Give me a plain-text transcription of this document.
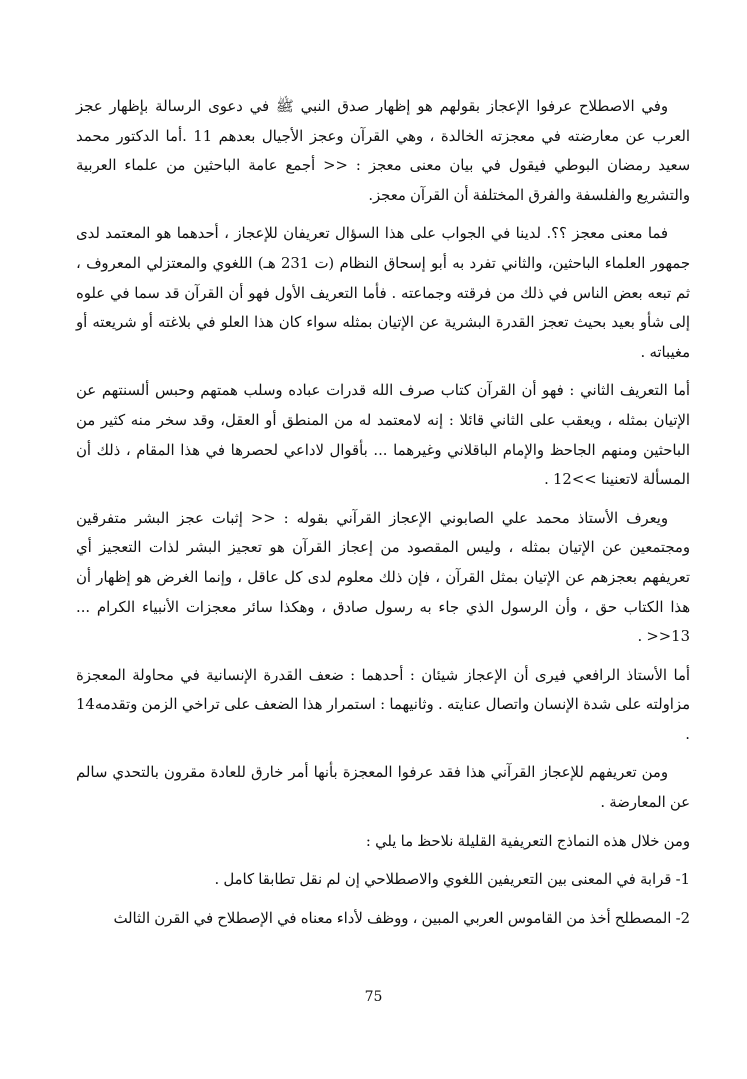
وفي الاصطلاح عرفوا الإعجاز بقولهم هو إظهار صدق النبي ﷺ في دعوى الرسالة بإظهار عجز العرب عن معارضته في معجزته الخالدة ، وهي القرآن وعجز الأجيال بعدهم 11 .أما الدكتور محمد سعيد رمضان البوطي فيقول في بيان معنى معجز : << أجمع عامة الباحثين من علماء العربية والتشريع والفلسفة والفرق المختلفة أن القرآن معجز.

فما معنى معجز ؟؟. لدينا في الجواب على هذا السؤال تعريفان للإعجاز ، أحدهما هو المعتمد لدى جمهور العلماء الباحثين، والثاني تفرد به أبو إسحاق النظام (ت 231 هـ) اللغوي والمعتزلي المعروف ، ثم تبعه بعض الناس في ذلك من فرقته وجماعته . فأما التعريف الأول فهو أن القرآن قد سما في علوه إلى شأو بعيد بحيث تعجز القدرة البشرية عن الإتيان بمثله سواء كان هذا العلو في بلاغته أو شريعته أو مغيباته .

أما التعريف الثاني : فهو أن القرآن كتاب صرف الله قدرات عباده وسلب همتهم وحبس ألسنتهم عن الإتيان بمثله ، ويعقب على الثاني قائلا : إنه لامعتمد له من المنطق أو العقل، وقد سخر منه كثير من الباحثين ومنهم الجاحظ والإمام الباقلاني وغيرهما ... بأقوال لاداعي لحصرها في هذا المقام ، ذلك أن المسألة لاتعنينا >>12 .

ويعرف الأستاذ محمد علي الصابوني الإعجاز القرآني بقوله : << إثبات عجز البشر متفرقين ومجتمعين عن الإتيان بمثله ، وليس المقصود من إعجاز القرآن هو تعجيز البشر لذات التعجيز أي تعريفهم بعجزهم عن الإتيان بمثل القرآن ، فإن ذلك معلوم لدى كل عاقل ، وإنما الغرض هو إظهار أن هذا الكتاب حق ، وأن الرسول الذي جاء به رسول صادق ، وهكذا سائر معجزات الأنبياء الكرام ... 13<< .

أما الأستاذ الرافعي فيرى أن الإعجاز شيئان : أحدهما : ضعف القدرة الإنسانية في محاولة المعجزة مزاولته على شدة الإنسان واتصال عنايته . وثانيهما : استمرار هذا الضعف على تراخي الزمن وتقدمه14 .

ومن تعريفهم للإعجاز القرآني هذا فقد عرفوا المعجزة بأنها أمر خارق للعادة مقرون بالتحدي سالم عن المعارضة .

ومن خلال هذه النماذج التعريفية القليلة نلاحظ ما يلي :

1- قرابة في المعنى بين التعريفين اللغوي والاصطلاحي إن لم نقل تطابقا كامل .

2- المصطلح أخذ من القاموس العربي المبين ، ووظف لأداء معناه في الإصطلاح في القرن الثالث

75
